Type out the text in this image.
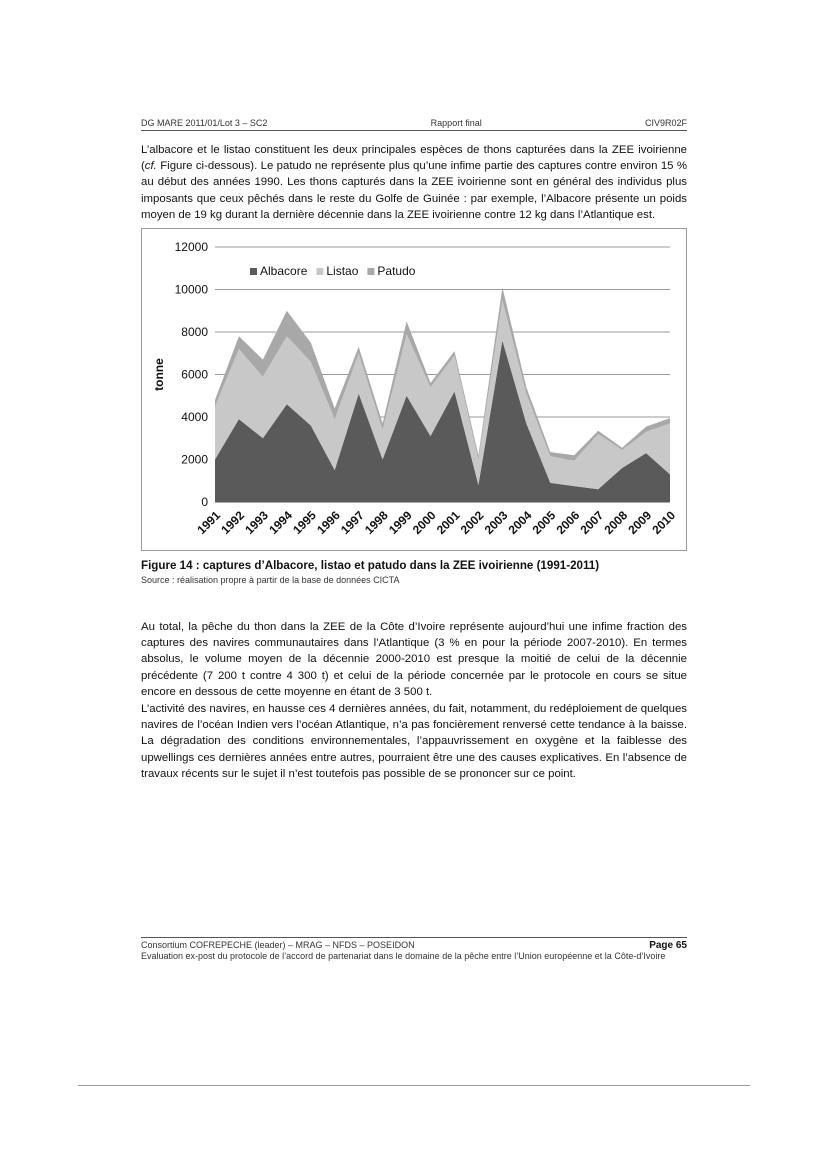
DG MARE 2011/01/Lot 3 – SC2	Rapport final	CIV9R02F

L’albacore et le listao constituent les deux principales espèces de thons capturées dans la ZEE ivoirienne (cf. Figure ci-dessous). Le patudo ne représente plus qu’une infime partie des captures contre environ 15 % au début des années 1990. Les thons capturés dans la ZEE ivoirienne sont en général des individus plus imposants que ceux pêchés dans le reste du Golfe de Guinée : par exemple, l’Albacore présente un poids moyen de 19 kg durant la dernière décennie dans la ZEE ivoirienne contre 12 kg dans l’Atlantique est.

0
2000
4000
6000
8000
10000
12000
1991
1992
1993
1994
1995
1996
1997
1998
1999
2000
2001
2002
2003
2004
2005
2006
2007
2008
2009
2010
tonne
Albacore Listao Patudo

Figure 14 : captures d’Albacore, listao et patudo dans la ZEE ivoirienne (1991-2011)

Source : réalisation propre à partir de la base de données CICTA

Au total, la pêche du thon dans la ZEE de la Côte d’Ivoire représente aujourd’hui une infime fraction des captures des navires communautaires dans l’Atlantique (3 % en pour la période 2007-2010). En termes absolus, le volume moyen de la décennie 2000-2010 est presque la moitié de celui de la décennie précédente (7 200 t contre 4 300 t) et celui de la période concernée par le protocole en cours se situe encore en dessous de cette moyenne en étant de 3 500 t.

L’activité des navires, en hausse ces 4 dernières années, du fait, notamment, du redéploiement de quelques navires de l’océan Indien vers l’océan Atlantique, n’a pas foncièrement renversé cette tendance à la baisse. La dégradation des conditions environnementales, l’appauvrissement en oxygène et la faiblesse des upwellings ces dernières années entre autres, pourraient être une des causes explicatives. En l’absence de travaux récents sur le sujet il n’est toutefois pas possible de se prononcer sur ce point.

Consortium COFREPECHE (leader) – MRAG – NFDS – POSEIDON	Page 65
Evaluation ex-post du protocole de l’accord de partenariat dans le domaine de la pêche entre l’Union européenne et la Côte-d’Ivoire
